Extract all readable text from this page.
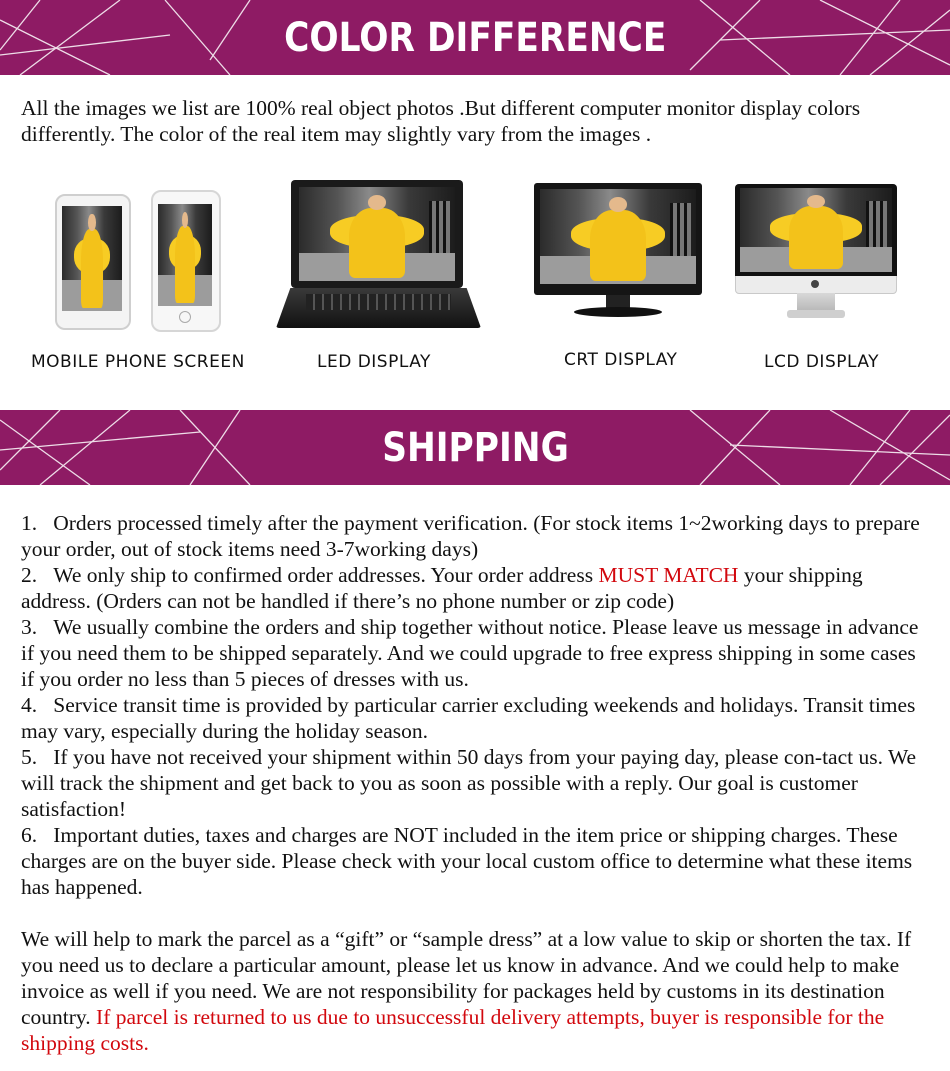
COLOR DIFFERENCE
All the images we list are 100% real object photos .But different computer monitor display colors differently. The color of the real item may slightly vary from the images .
MOBILE PHONE SCREEN	LED DISPLAY	CRT DISPLAY	LCD DISPLAY
SHIPPING
1. Orders processed timely after the payment verification. (For stock items 1~2working days to prepare your order, out of stock items need 3-7working days)
2. We only ship to confirmed order addresses. Your order address MUST MATCH your shipping address. (Orders can not be handled if there’s no phone number or zip code)
3. We usually combine the orders and ship together without notice. Please leave us message in advance if you need them to be shipped separately. And we could upgrade to free express shipping in some cases if you order no less than 5 pieces of dresses with us.
4. Service transit time is provided by particular carrier excluding weekends and holidays. Transit times may vary, especially during the holiday season.
5. If you have not received your shipment within 50 days from your paying day, please con-tact us. We will track the shipment and get back to you as soon as possible with a reply. Our goal is customer satisfaction!
6. Important duties, taxes and charges are NOT included in the item price or shipping charges. These charges are on the buyer side. Please check with your local custom office to determine what these items has happened.
We will help to mark the parcel as a “gift” or “sample dress” at a low value to skip or shorten the tax. If you need us to declare a particular amount, please let us know in advance. And we could help to make invoice as well if you need. We are not responsibility for packages held by customs in its destination country. If parcel is returned to us due to unsuccessful delivery attempts, buyer is responsible for the shipping costs.
